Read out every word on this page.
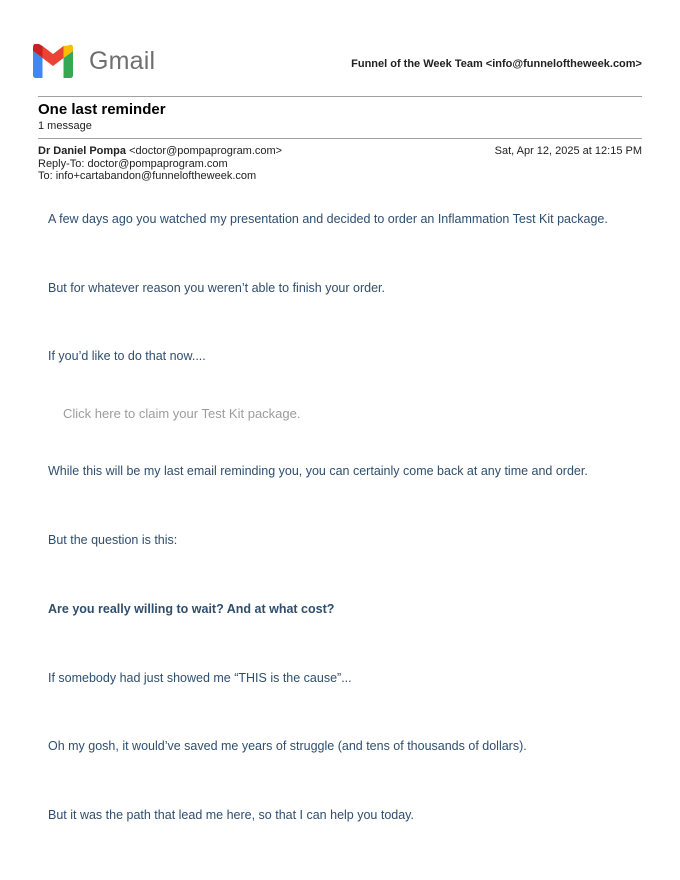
Gmail	Funnel of the Week Team <info@funneloftheweek.com>
One last reminder
1 message
Dr Daniel Pompa <doctor@pompaprogram.com>	Sat, Apr 12, 2025 at 12:15 PM
Reply-To: doctor@pompaprogram.com
To: info+cartabandon@funneloftheweek.com
A few days ago you watched my presentation and decided to order an Inflammation Test Kit package.
But for whatever reason you weren’t able to finish your order.
If you’d like to do that now....
Click here to claim your Test Kit package.
While this will be my last email reminding you, you can certainly come back at any time and order.
But the question is this:
Are you really willing to wait? And at what cost?
If somebody had just showed me “THIS is the cause”...
Oh my gosh, it would’ve saved me years of struggle (and tens of thousands of dollars).
But it was the path that lead me here, so that I can help you today.
